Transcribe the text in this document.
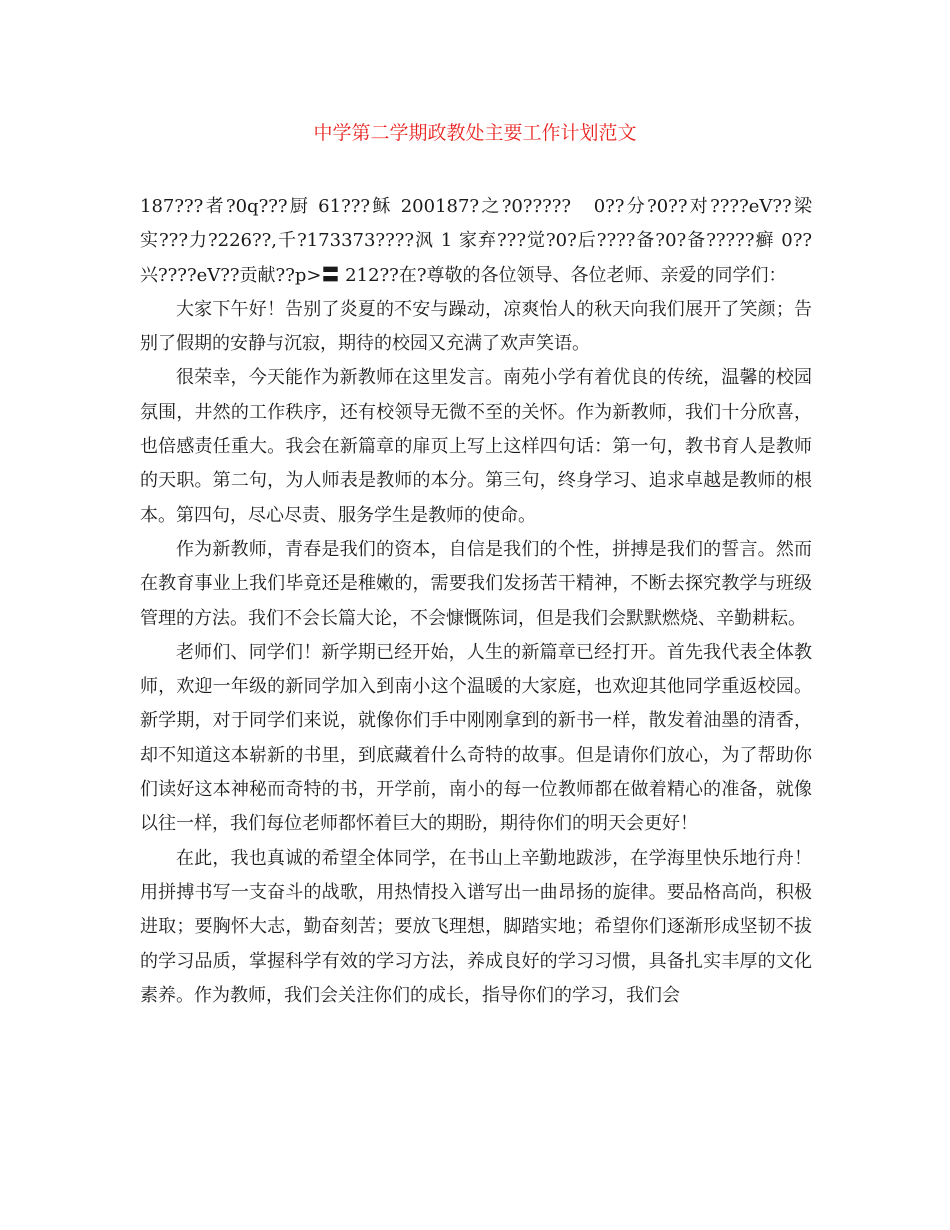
中学第二学期政教处主要工作计划范文

187???者?0q???厨 61???稣 200187?之?0?????　0??分?0??对????eV??梁实???力?226??,千?173373????沨 1 家弃???觉?0?后????备?0?备?????癣 0??兴????eV??贡献??p>〓 212??在?尊敬的各位领导、各位老师、亲爱的同学们：

大家下午好！告别了炎夏的不安与躁动，凉爽怡人的秋天向我们展开了笑颜；告别了假期的安静与沉寂，期待的校园又充满了欢声笑语。

很荣幸，今天能作为新教师在这里发言。南苑小学有着优良的传统，温馨的校园氛围，井然的工作秩序，还有校领导无微不至的关怀。作为新教师，我们十分欣喜，也倍感责任重大。我会在新篇章的扉页上写上这样四句话：第一句，教书育人是教师的天职。第二句，为人师表是教师的本分。第三句，终身学习、追求卓越是教师的根本。第四句，尽心尽责、服务学生是教师的使命。

作为新教师，青春是我们的资本，自信是我们的个性，拼搏是我们的誓言。然而在教育事业上我们毕竟还是稚嫩的，需要我们发扬苦干精神，不断去探究教学与班级管理的方法。我们不会长篇大论，不会慷慨陈词，但是我们会默默燃烧、辛勤耕耘。

老师们、同学们！新学期已经开始，人生的新篇章已经打开。首先我代表全体教师，欢迎一年级的新同学加入到南小这个温暖的大家庭，也欢迎其他同学重返校园。新学期，对于同学们来说，就像你们手中刚刚拿到的新书一样，散发着油墨的清香，却不知道这本崭新的书里，到底藏着什么奇特的故事。但是请你们放心，为了帮助你们读好这本神秘而奇特的书，开学前，南小的每一位教师都在做着精心的准备，就像以往一样，我们每位老师都怀着巨大的期盼，期待你们的明天会更好！

在此，我也真诚的希望全体同学，在书山上辛勤地跋涉，在学海里快乐地行舟！用拼搏书写一支奋斗的战歌，用热情投入谱写出一曲昂扬的旋律。要品格高尚，积极进取；要胸怀大志，勤奋刻苦；要放飞理想，脚踏实地；希望你们逐渐形成坚韧不拔的学习品质，掌握科学有效的学习方法，养成良好的学习习惯，具备扎实丰厚的文化素养。作为教师，我们会关注你们的成长，指导你们的学习，我们会
